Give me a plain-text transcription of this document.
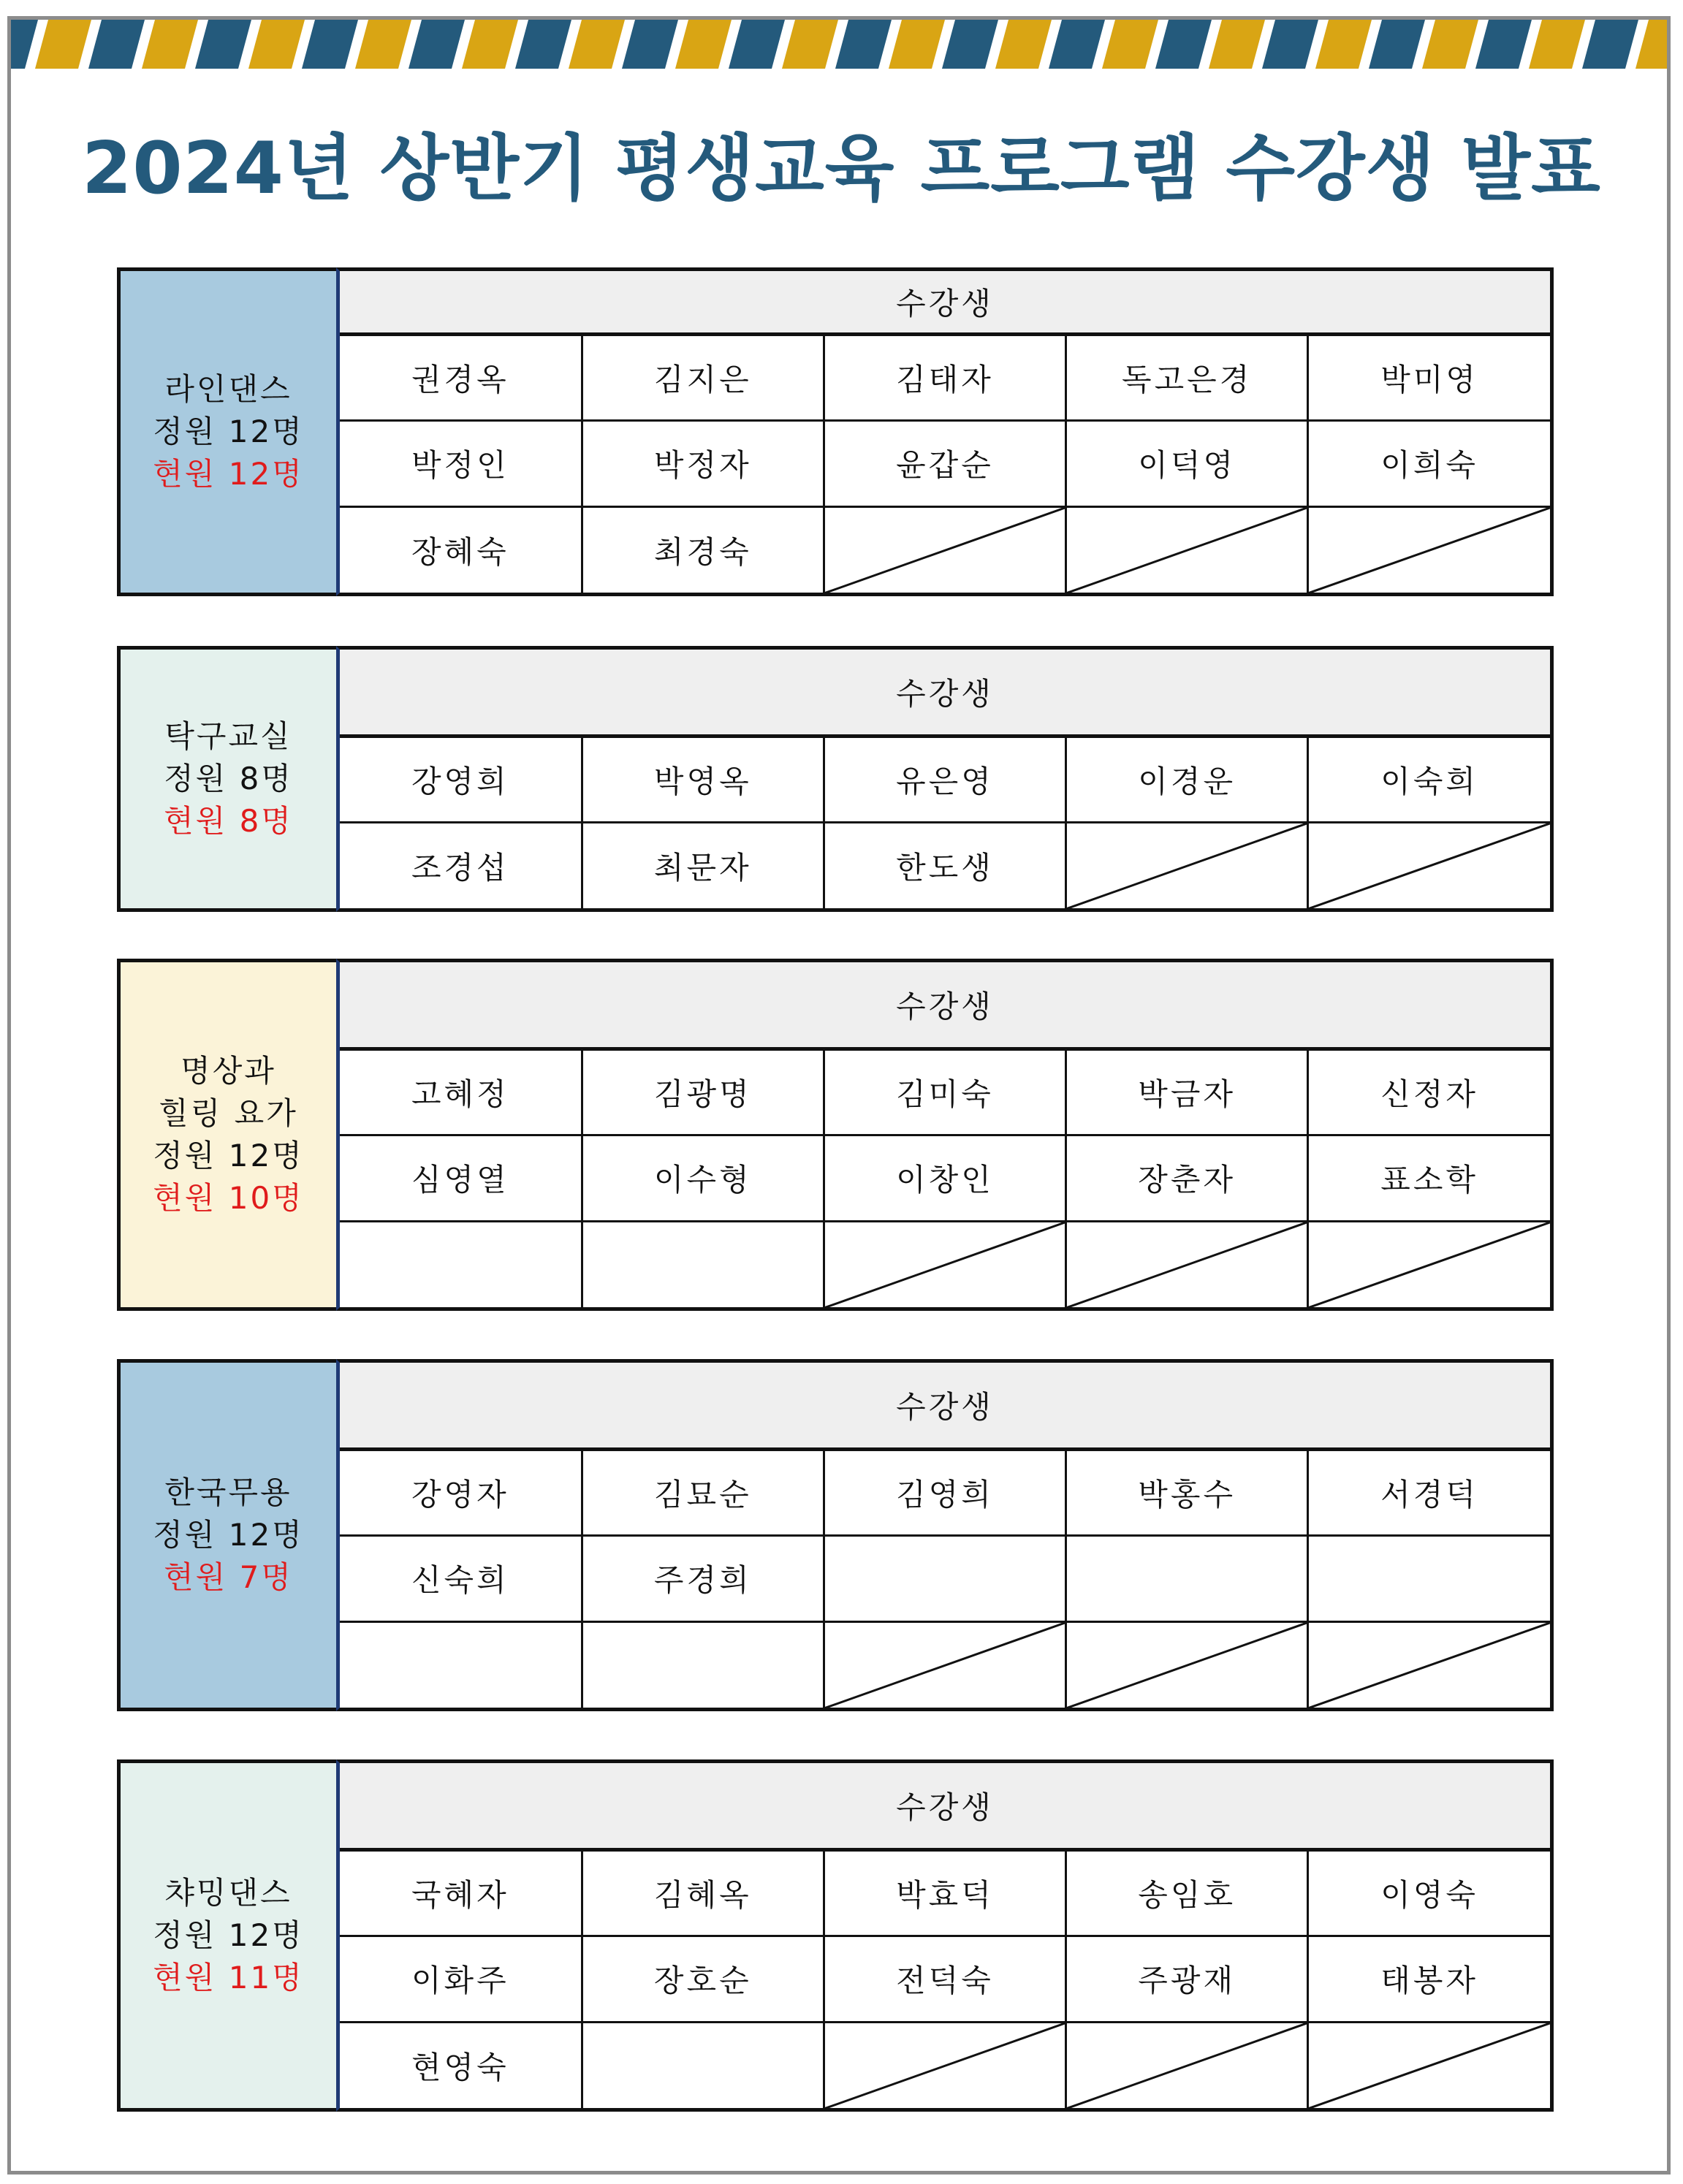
2024년 상반기 평생교육 프로그램 수강생 발표
라인댄스
정원 12명
현원 12명
수강생				
권경옥	김지은	김태자	독고은경	박미영
박정인	박정자	윤갑순	이덕영	이희숙
장혜숙	최경숙	

탁구교실
정원 8명
현원 8명
수강생				
강영희	박영옥	유은영	이경운	이숙희
조경섭	최문자	한도생	

명상과
힐링 요가
정원 12명
현원 10명
수강생				
고혜정	김광명	김미숙	박금자	신정자
심영열	이수형	이창인	장춘자	표소학

한국무용
정원 12명
현원 7명
수강생				
강영자	김묘순	김영희	박홍수	서경덕
신숙희	주경희			

챠밍댄스
정원 12명
현원 11명
수강생				
국혜자	김혜옥	박효덕	송임호	이영숙
이화주	장호순	전덕숙	주광재	태봉자
현영숙		
